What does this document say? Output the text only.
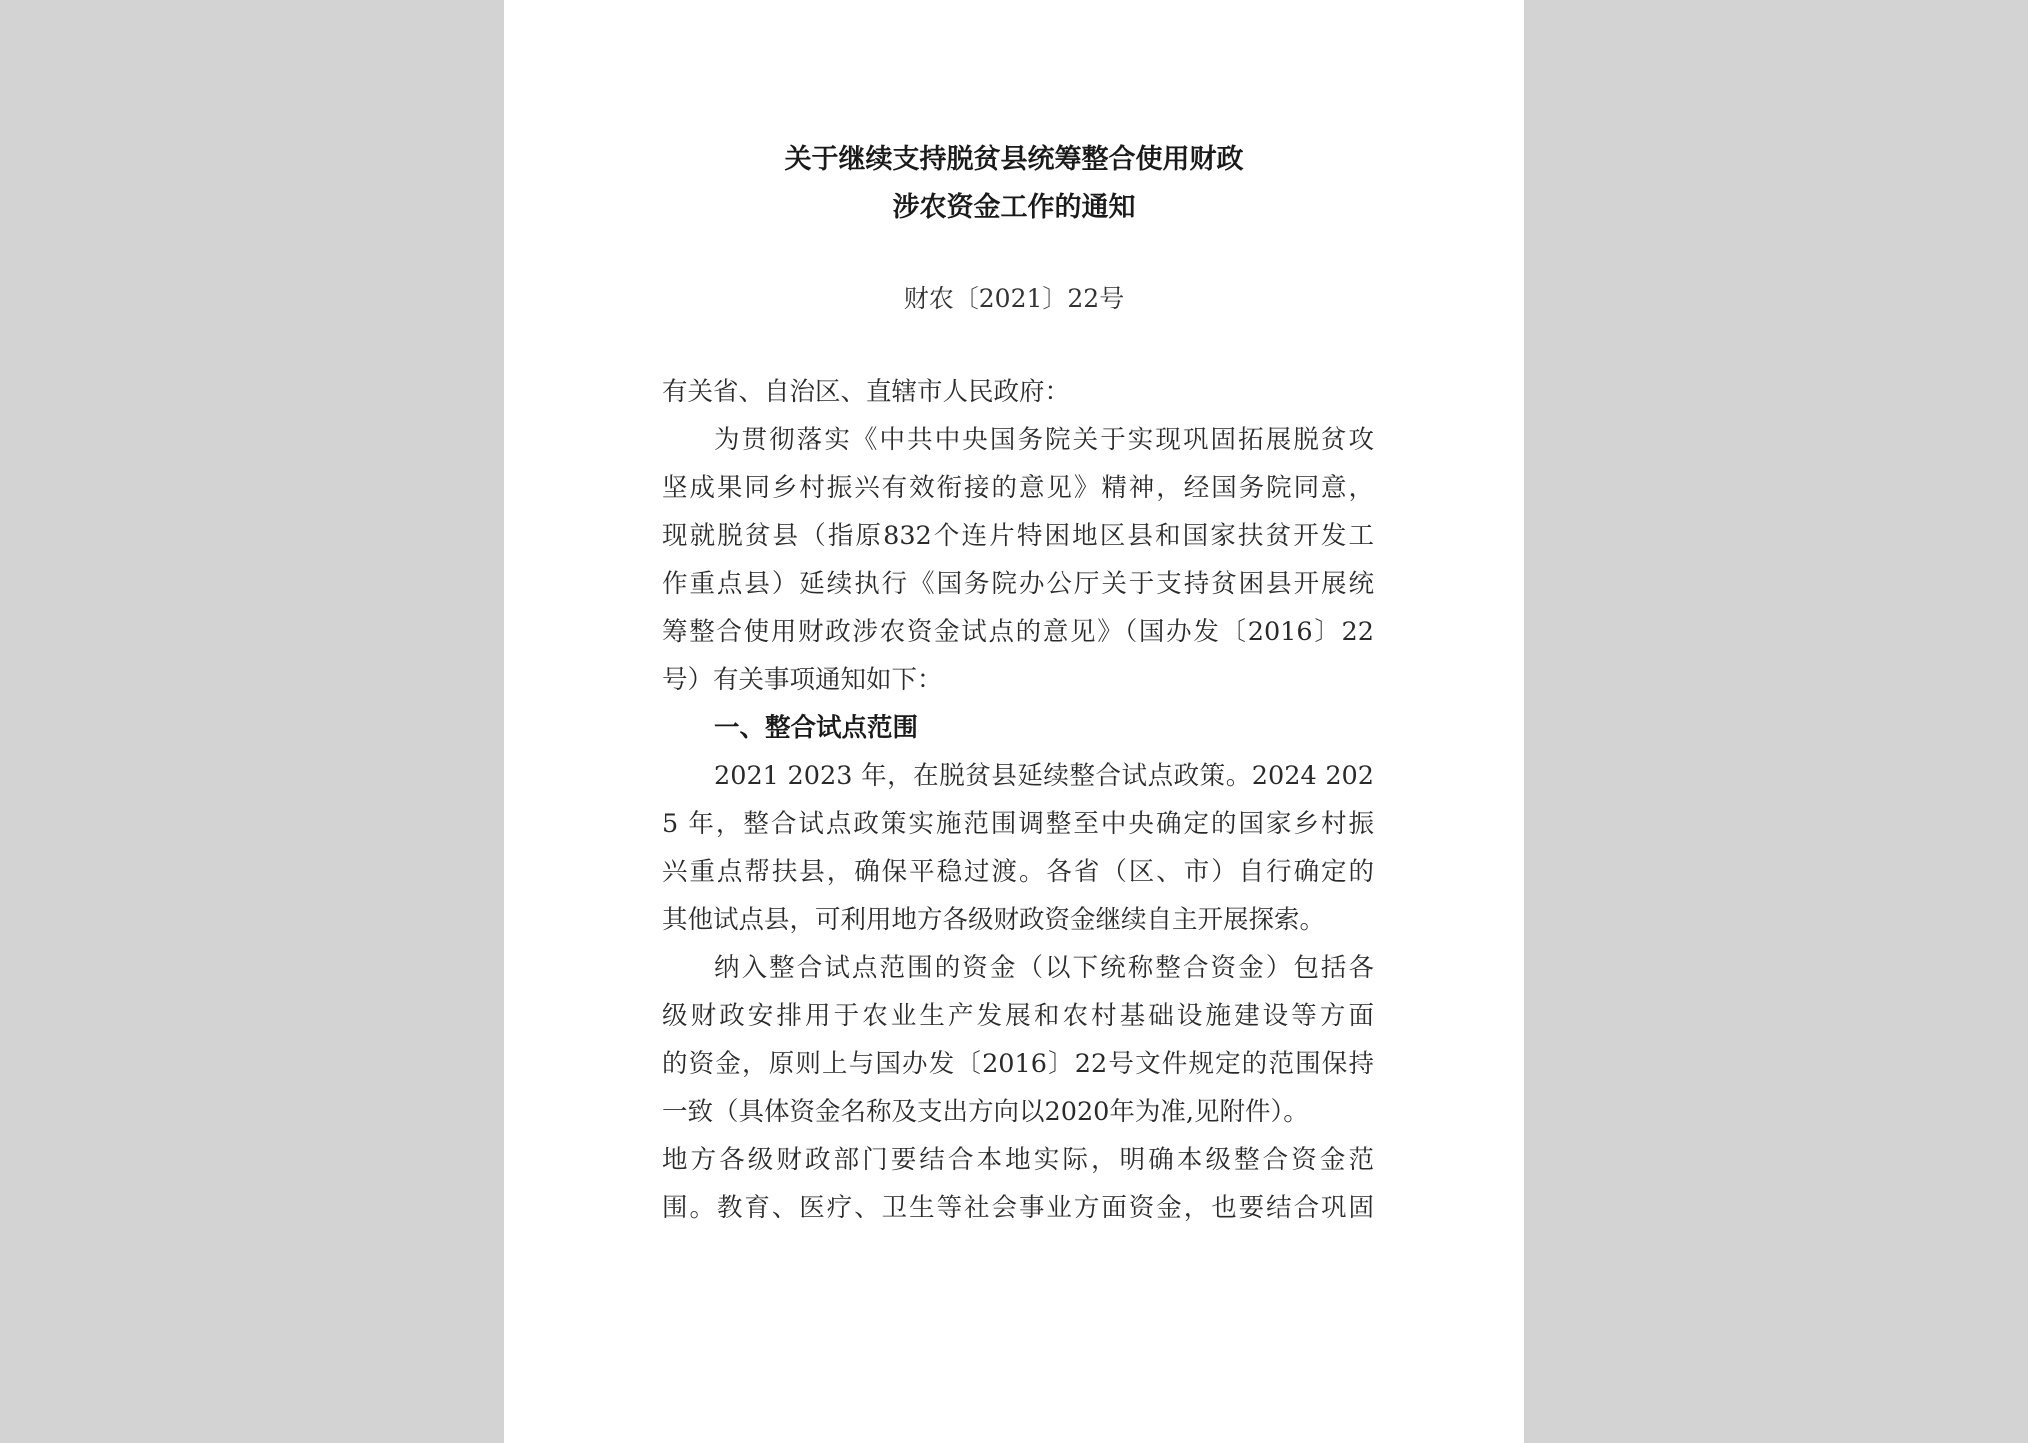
关于继续支持脱贫县统筹整合使用财政
涉农资金工作的通知
财农〔2021〕22号
有关省、自治区、直辖市人民政府：
为贯彻落实《中共中央国务院关于实现巩固拓展脱贫攻
坚成果同乡村振兴有效衔接的意见》精神，经国务院同意，
现就脱贫县（指原832个连片特困地区县和国家扶贫开发工
作重点县）延续执行《国务院办公厅关于支持贫困县开展统
筹整合使用财政涉农资金试点的意见》（国办发〔2016〕22
号）有关事项通知如下：
一、整合试点范围
2021 2023 年，在脱贫县延续整合试点政策。2024 202
5 年，整合试点政策实施范围调整至中央确定的国家乡村振
兴重点帮扶县，确保平稳过渡。各省（区、市）自行确定的
其他试点县，可利用地方各级财政资金继续自主开展探索。
纳入整合试点范围的资金（以下统称整合资金）包括各
级财政安排用于农业生产发展和农村基础设施建设等方面
的资金，原则上与国办发〔2016〕22号文件规定的范围保持
一致（具体资金名称及支出方向以2020年为准,见附件）。
地方各级财政部门要结合本地实际，明确本级整合资金范
围。教育、医疗、卫生等社会事业方面资金，也要结合巩固
